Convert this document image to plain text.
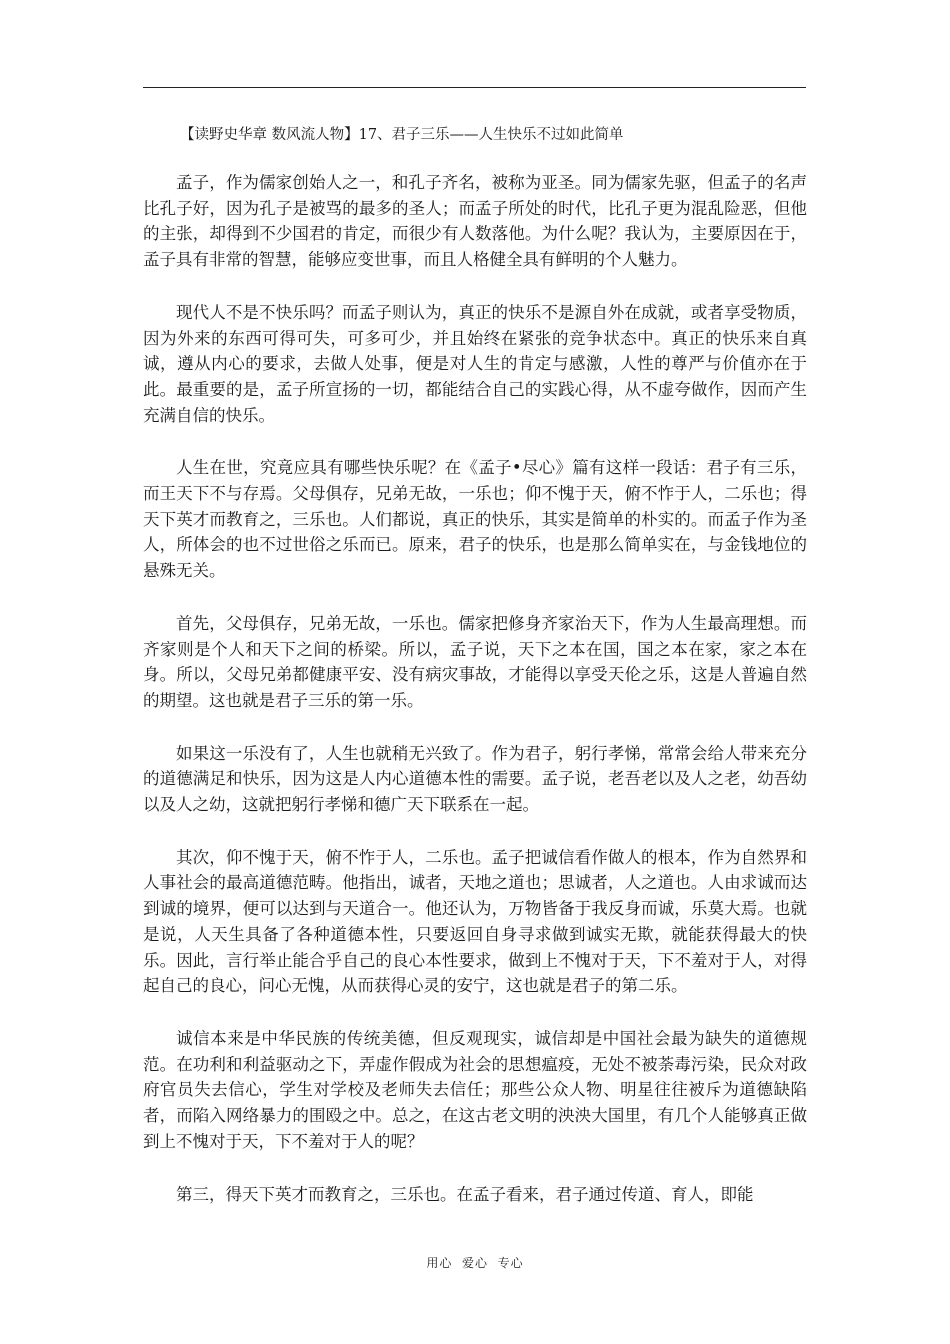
【读野史华章 数风流人物】17、君子三乐——人生快乐不过如此简单

孟子，作为儒家创始人之一，和孔子齐名，被称为亚圣。同为儒家先驱，但孟子的名声比孔子好，因为孔子是被骂的最多的圣人；而孟子所处的时代，比孔子更为混乱险恶，但他的主张，却得到不少国君的肯定，而很少有人数落他。为什么呢？我认为，主要原因在于，孟子具有非常的智慧，能够应变世事，而且人格健全具有鲜明的个人魅力。

现代人不是不快乐吗？而孟子则认为，真正的快乐不是源自外在成就，或者享受物质，因为外来的东西可得可失，可多可少，并且始终在紧张的竞争状态中。真正的快乐来自真诚，遵从内心的要求，去做人处事，便是对人生的肯定与感激，人性的尊严与价值亦在于此。最重要的是，孟子所宣扬的一切，都能结合自己的实践心得，从不虚夸做作，因而产生充满自信的快乐。

人生在世，究竟应具有哪些快乐呢？在《孟子•尽心》篇有这样一段话：君子有三乐，而王天下不与存焉。父母俱存，兄弟无故，一乐也；仰不愧于天，俯不怍于人，二乐也；得天下英才而教育之，三乐也。人们都说，真正的快乐，其实是简单的朴实的。而孟子作为圣人，所体会的也不过世俗之乐而已。原来，君子的快乐，也是那么简单实在，与金钱地位的悬殊无关。

首先，父母俱存，兄弟无故，一乐也。儒家把修身齐家治天下，作为人生最高理想。而齐家则是个人和天下之间的桥梁。所以，孟子说，天下之本在国，国之本在家，家之本在身。所以，父母兄弟都健康平安、没有病灾事故，才能得以享受天伦之乐，这是人普遍自然的期望。这也就是君子三乐的第一乐。

如果这一乐没有了，人生也就稍无兴致了。作为君子，躬行孝悌，常常会给人带来充分的道德满足和快乐，因为这是人内心道德本性的需要。孟子说，老吾老以及人之老，幼吾幼以及人之幼，这就把躬行孝悌和德广天下联系在一起。

其次，仰不愧于天，俯不怍于人，二乐也。孟子把诚信看作做人的根本，作为自然界和人事社会的最高道德范畴。他指出，诚者，天地之道也；思诚者，人之道也。人由求诚而达到诚的境界，便可以达到与天道合一。他还认为，万物皆备于我反身而诚，乐莫大焉。也就是说，人天生具备了各种道德本性，只要返回自身寻求做到诚实无欺，就能获得最大的快乐。因此，言行举止能合乎自己的良心本性要求，做到上不愧对于天，下不羞对于人，对得起自己的良心，问心无愧，从而获得心灵的安宁，这也就是君子的第二乐。

诚信本来是中华民族的传统美德，但反观现实，诚信却是中国社会最为缺失的道德规范。在功利和利益驱动之下，弄虚作假成为社会的思想瘟疫，无处不被荼毒污染，民众对政府官员失去信心，学生对学校及老师失去信任；那些公众人物、明星往往被斥为道德缺陷者，而陷入网络暴力的围殴之中。总之，在这古老文明的泱泱大国里，有几个人能够真正做到上不愧对于天，下不羞对于人的呢？

第三，得天下英才而教育之，三乐也。在孟子看来，君子通过传道、育人，即能

用心  爱心  专心
